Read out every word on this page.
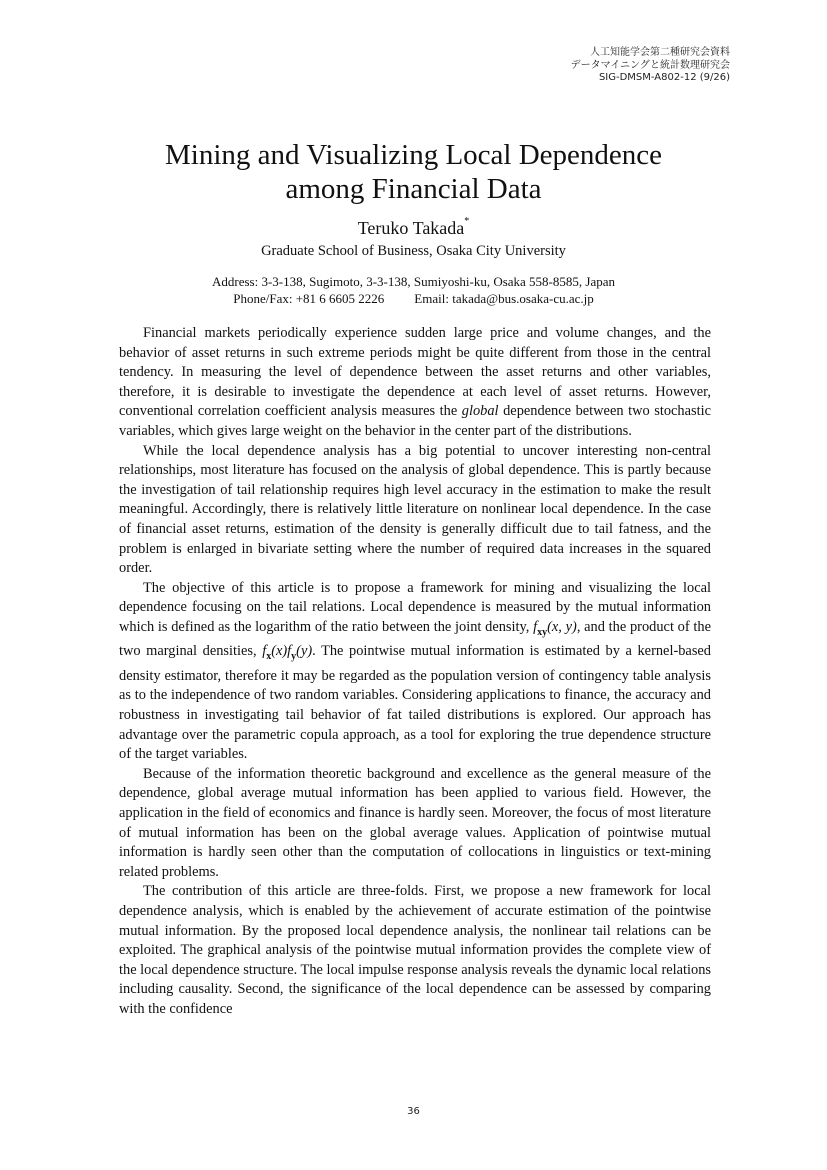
人工知能学会第二種研究会資料
データマイニングと統計数理研究会
SIG-DMSM-A802-12 (9/26)
Mining and Visualizing Local Dependence
among Financial Data
Teruko Takada*
Graduate School of Business, Osaka City University
Address: 3-3-138, Sugimoto, 3-3-138, Sumiyoshi-ku, Osaka 558-8585, Japan
Phone/Fax: +81 6 6605 2226 Email: takada@bus.osaka-cu.ac.jp

Financial markets periodically experience sudden large price and volume changes, and the behavior of asset returns in such extreme periods might be quite different from those in the central tendency. In measuring the level of dependence between the asset returns and other variables, therefore, it is desirable to investigate the dependence at each level of asset returns. However, conventional correlation coefficient analysis measures the global dependence between two stochastic variables, which gives large weight on the behavior in the center part of the distributions.

While the local dependence analysis has a big potential to uncover interesting non-central relationships, most literature has focused on the analysis of global dependence. This is partly because the investigation of tail relationship requires high level accuracy in the estimation to make the result meaningful. Accordingly, there is relatively little literature on nonlinear local dependence. In the case of financial asset returns, estimation of the density is generally difficult due to tail fatness, and the problem is enlarged in bivariate setting where the number of required data increases in the squared order.

The objective of this article is to propose a framework for mining and visualizing the local dependence focusing on the tail relations. Local dependence is measured by the mutual information which is defined as the logarithm of the ratio between the joint density, $f_{xy}(x$, y), and the product of the two marginal densities, $f_x(x)f_y(y)$. The pointwise mutual information is estimated by a kernel-based density estimator, therefore it may be regarded as the population version of contingency table analysis as to the independence of two random variables. Considering applications to finance, the accuracy and robustness in investigating tail behavior of fat tailed distributions is explored. Our approach has advantage over the parametric copula approach, as a tool for exploring the true dependence structure of the target variables.

Because of the information theoretic background and excellence as the general measure of the dependence, global average mutual information has been applied to various field. However, the application in the field of economics and finance is hardly seen. Moreover, the focus of most literature of mutual information has been on the global average values. Application of pointwise mutual information is hardly seen other than the computation of collocations in linguistics or text-mining related problems.

The contribution of this article are three-folds. First, we propose a new framework for local dependence analysis, which is enabled by the achievement of accurate estimation of the pointwise mutual information. By the proposed local dependence analysis, the nonlinear tail relations can be exploited. The graphical analysis of the pointwise mutual information provides the complete view of the local dependence structure. The local impulse response analysis reveals the dynamic local relations including causality. Second, the significance of the local dependence can be assessed by comparing with the confidence

36
